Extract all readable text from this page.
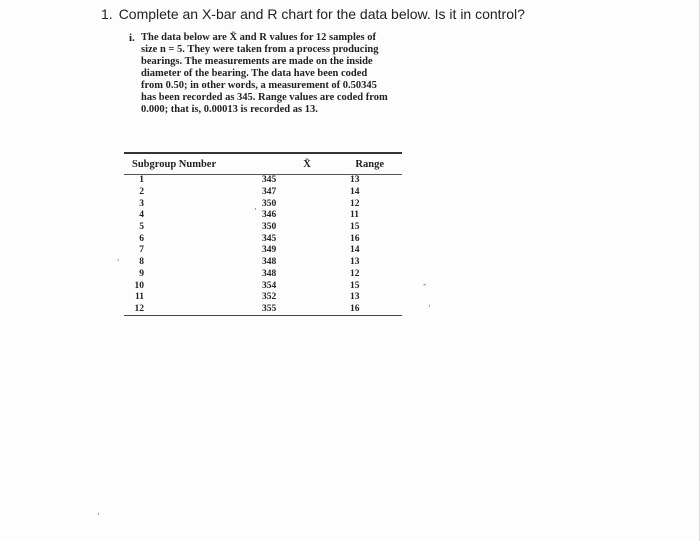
1. Complete an X-bar and R chart for the data below. Is it in control?
i. The data below are X̄ and R values for 12 samples of
size n = 5. They were taken from a process producing
bearings. The measurements are made on the inside
diameter of the bearing. The data have been coded
from 0.50; in other words, a measurement of 0.50345
has been recorded as 345. Range values are coded from
0.000; that is, 0.00013 is recorded as 13.
Subgroup Number	X̄	Range
1	345	13
2	347	14
3	350	12
4	346	11
5	350	15
6	345	16
7	349	14
8	348	13
9	348	12
10	354	15
11	352	13
12	355	16

·
ˈ
-
·
·
